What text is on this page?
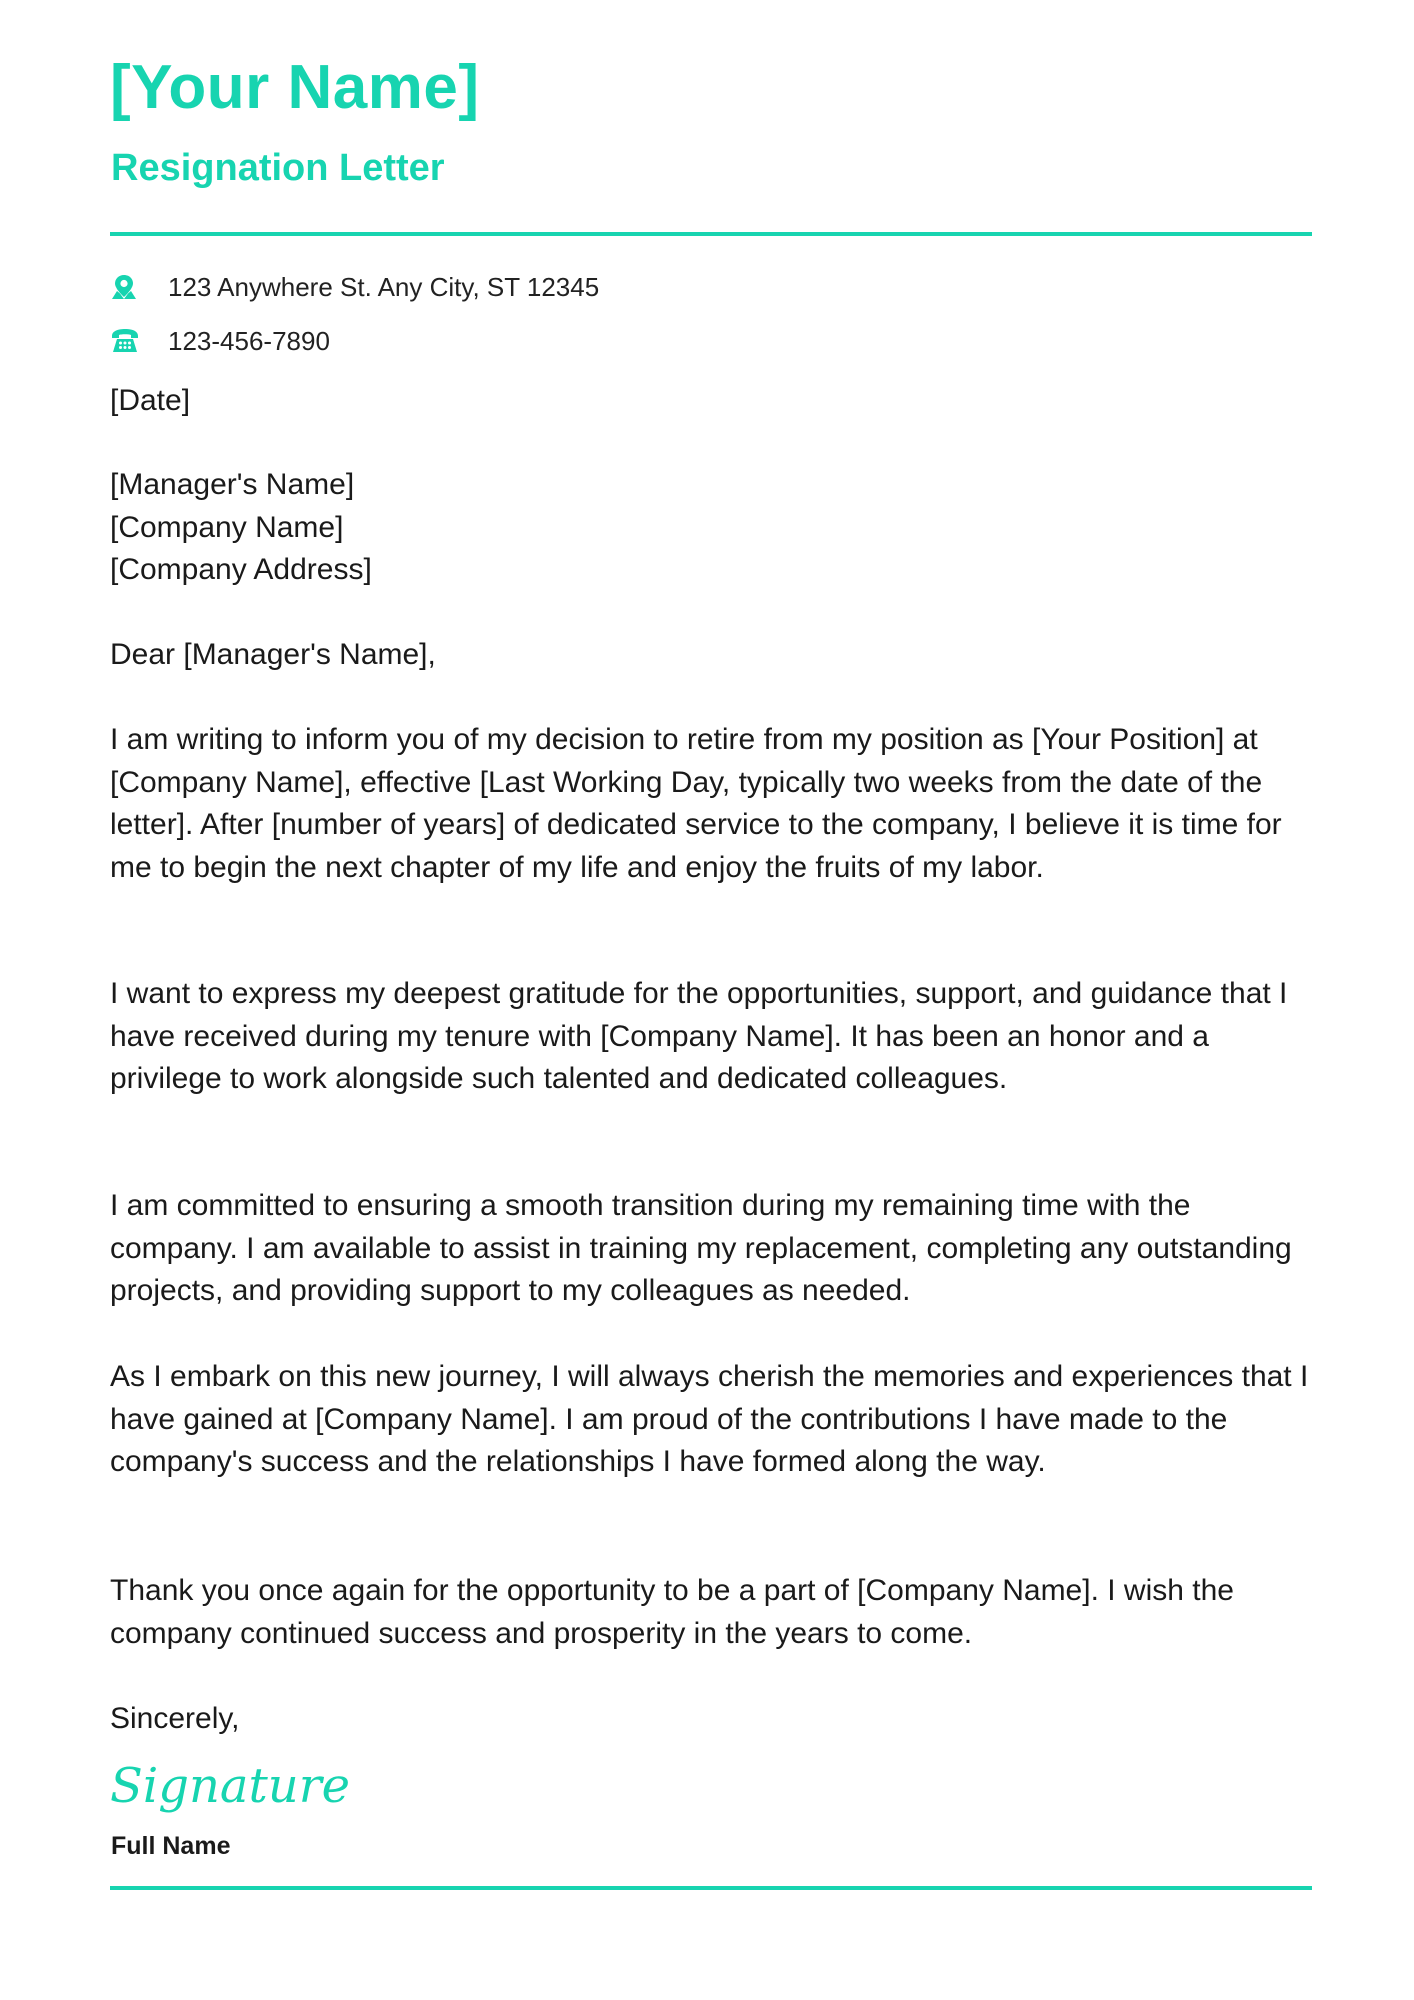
[Your Name]
Resignation Letter
123 Anywhere St. Any City, ST 12345
123-456-7890

[Date]

[Manager's Name]
[Company Name]
[Company Address]

Dear [Manager's Name],

I am writing to inform you of my decision to retire from my position as [Your Position] at [Company Name], effective [Last Working Day, typically two weeks from the date of the letter]. After [number of years] of dedicated service to the company, I believe it is time for me to begin the next chapter of my life and enjoy the fruits of my labor.

I want to express my deepest gratitude for the opportunities, support, and guidance that I have received during my tenure with [Company Name]. It has been an honor and a privilege to work alongside such talented and dedicated colleagues.

I am committed to ensuring a smooth transition during my remaining time with the company. I am available to assist in training my replacement, completing any outstanding projects, and providing support to my colleagues as needed.

As I embark on this new journey, I will always cherish the memories and experiences that I have gained at [Company Name]. I am proud of the contributions I have made to the company's success and the relationships I have formed along the way.

Thank you once again for the opportunity to be a part of [Company Name]. I wish the company continued success and prosperity in the years to come.

Sincerely,

Signature

Full Name
